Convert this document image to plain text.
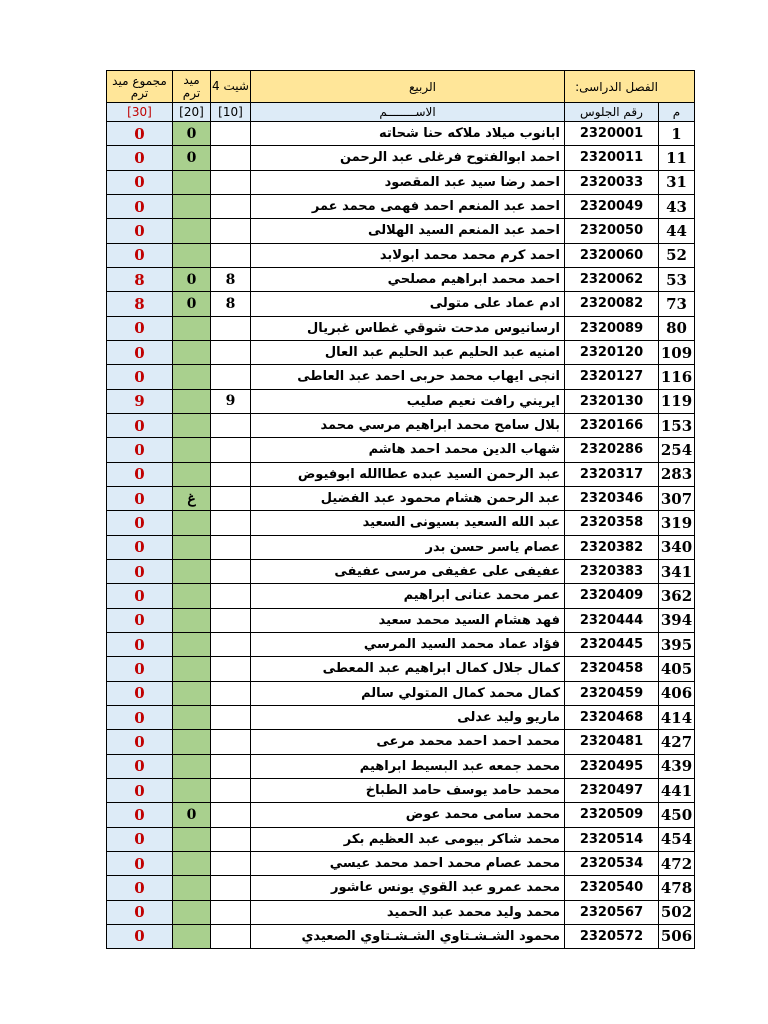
الفصل الدراسى:		الربيع	شيت 4	ميد ترم	مجموع ميد ترم
م	رقم الجلوس	الاســــــــم	[10]	[20]	[30]
1	2320001	ابانوب ميلاد ملاكه حنا شحاته		0	0
11	2320011	احمد ابوالفتوح فرغلى عبد الرحمن		0	0
31	2320033	احمد رضا سيد عبد المقصود			0
43	2320049	احمد عبد المنعم احمد فهمى محمد عمر			0
44	2320050	احمد عبد المنعم السيد الهلالى			0
52	2320060	احمد كرم محمد محمد ابولابد			0
53	2320062	احمد محمد ابراهيم مصلحي	8	0	8
73	2320082	ادم عماد على متولى	8	0	8
80	2320089	ارسانيوس مدحت شوقي غطاس غبريال			0
109	2320120	امنيه عبد الحليم عبد الحليم عبد العال			0
116	2320127	انجى ايهاب محمد حربى احمد عبد العاطى			0
119	2320130	ايريني رافت نعيم صليب	9		9
153	2320166	بلال سامح محمد ابراهيم مرسي محمد			0
254	2320286	شهاب الدين محمد احمد هاشم			0
283	2320317	عبد الرحمن السيد عبده عطاالله ابوفيوض			0
307	2320346	عبد الرحمن هشام محمود عبد الفضيل		غ	0
319	2320358	عبد الله السعيد بسيونى السعيد			0
340	2320382	عصام ياسر حسن بدر			0
341	2320383	عفيفى على عفيفى مرسى عفيفى			0
362	2320409	عمر محمد عنانى ابراهيم			0
394	2320444	فهد هشام السيد محمد سعيد			0
395	2320445	فؤاد عماد محمد السيد المرسي			0
405	2320458	كمال جلال كمال ابراهيم عبد المعطى			0
406	2320459	كمال محمد كمال المتولي سالم			0
414	2320468	ماريو وليد عدلى			0
427	2320481	محمد احمد احمد محمد مرعى			0
439	2320495	محمد جمعه عبد البسيط ابراهيم			0
441	2320497	محمد حامد يوسف حامد الطباخ			0
450	2320509	محمد سامى محمد عوض		0	0
454	2320514	محمد شاكر بيومى عبد العظيم بكر			0
472	2320534	محمد عصام محمد احمد محمد عيسي			0
478	2320540	محمد عمرو عبد القوي يونس عاشور			0
502	2320567	محمد وليد محمد عبد الحميد			0
506	2320572	محمود الشـشـتاوي الشـشـتاوي الصعيدي			0
